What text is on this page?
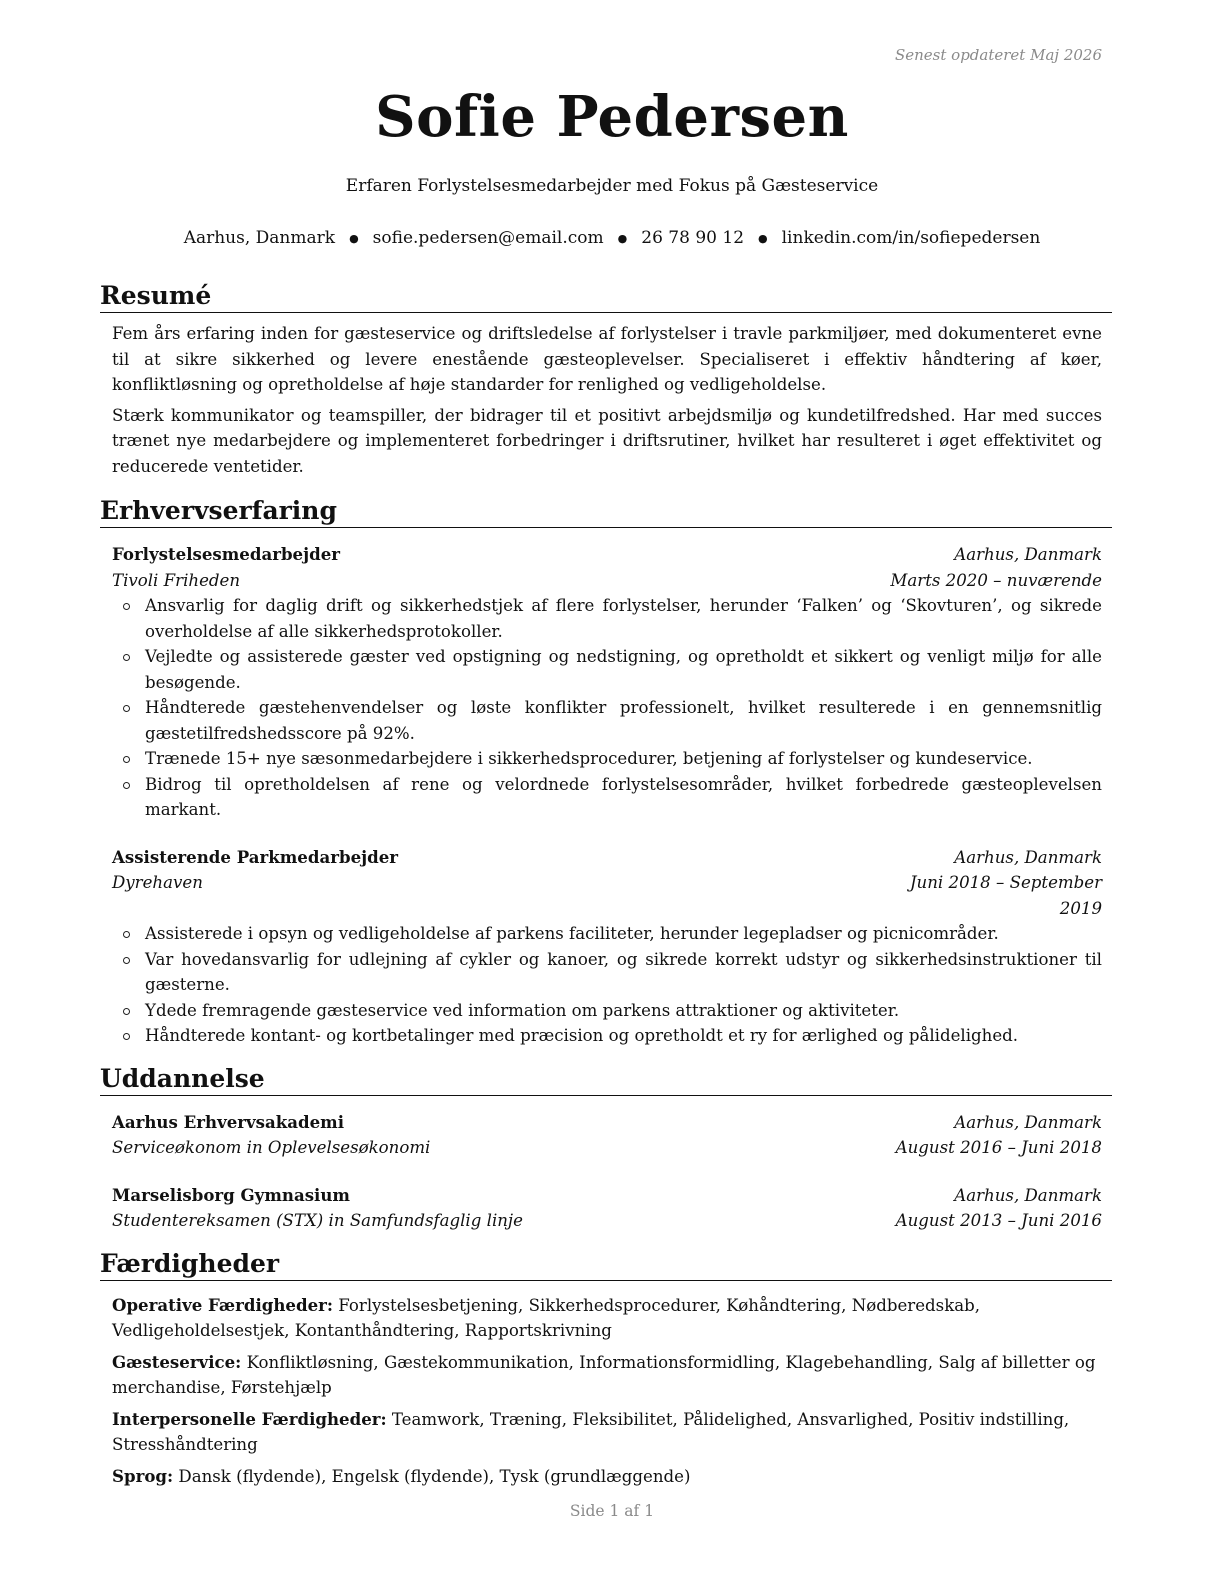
Senest opdateret Maj 2026
Sofie Pedersen
Erfaren Forlystelsesmedarbejder med Fokus på Gæsteservice
Aarhus, Danmark ● sofie.pedersen@email.com ● 26 78 90 12 ● linkedin.com/in/sofiepedersen
Resumé

Fem års erfaring inden for gæsteservice og driftsledelse af forlystelser i travle parkmiljøer, med dokumenteret evne til at sikre sikkerhed og levere enestående gæsteoplevelser. Specialiseret i effektiv håndtering af køer, konfliktløsning og opretholdelse af høje standarder for renlighed og vedligeholdelse.

Stærk kommunikator og teamspiller, der bidrager til et positivt arbejdsmiljø og kundetilfredshed. Har med succes trænet nye medarbejdere og implementeret forbedringer i driftsrutiner, hvilket har resulteret i øget effektivitet og reducerede ventetider.

Erhvervserfaring
Forlystelsesmedarbejder	Aarhus, Danmark
Tivoli Friheden	Marts 2020 – nuværende
Ansvarlig for daglig drift og sikkerhedstjek af flere forlystelser, herunder ‘Falken’ og ‘Skovturen’, og sikrede overholdelse af alle sikkerhedsprotokoller.
Vejledte og assisterede gæster ved opstigning og nedstigning, og opretholdt et sikkert og venligt miljø for alle besøgende.
Håndterede gæstehenvendelser og løste konflikter professionelt, hvilket resulterede i en gennemsnitlig gæstetilfredshedsscore på 92%.
Trænede 15+ nye sæsonmedarbejdere i sikkerhedsprocedurer, betjening af forlystelser og kundeservice.
Bidrog til opretholdelsen af rene og velordnede forlystelsesområder, hvilket forbedrede gæsteoplevelsen markant.
Assisterende Parkmedarbejder	Aarhus, Danmark
Dyrehaven	Juni 2018 – September 2019
Assisterede i opsyn og vedligeholdelse af parkens faciliteter, herunder legepladser og picnicområder.
Var hovedansvarlig for udlejning af cykler og kanoer, og sikrede korrekt udstyr og sikkerhedsinstruktioner til gæsterne.
Ydede fremragende gæsteservice ved information om parkens attraktioner og aktiviteter.
Håndterede kontant- og kortbetalinger med præcision og opretholdt et ry for ærlighed og pålidelighed.
Uddannelse
Aarhus Erhvervsakademi	Aarhus, Danmark
Serviceøkonom in Oplevelsesøkonomi	August 2016 – Juni 2018
Marselisborg Gymnasium	Aarhus, Danmark
Studentereksamen (STX) in Samfundsfaglig linje	August 2013 – Juni 2016
Færdigheder
Operative Færdigheder: Forlystelsesbetjening, Sikkerhedsprocedurer, Køhåndtering, Nødberedskab, Vedligeholdelsestjek, Kontanthåndtering, Rapportskrivning
Gæsteservice: Konfliktløsning, Gæstekommunikation, Informationsformidling, Klagebehandling, Salg af billetter og merchandise, Førstehjælp
Interpersonelle Færdigheder: Teamwork, Træning, Fleksibilitet, Pålidelighed, Ansvarlighed, Positiv indstilling, Stresshåndtering
Sprog: Dansk (flydende), Engelsk (flydende), Tysk (grundlæggende)
Side 1 af 1
